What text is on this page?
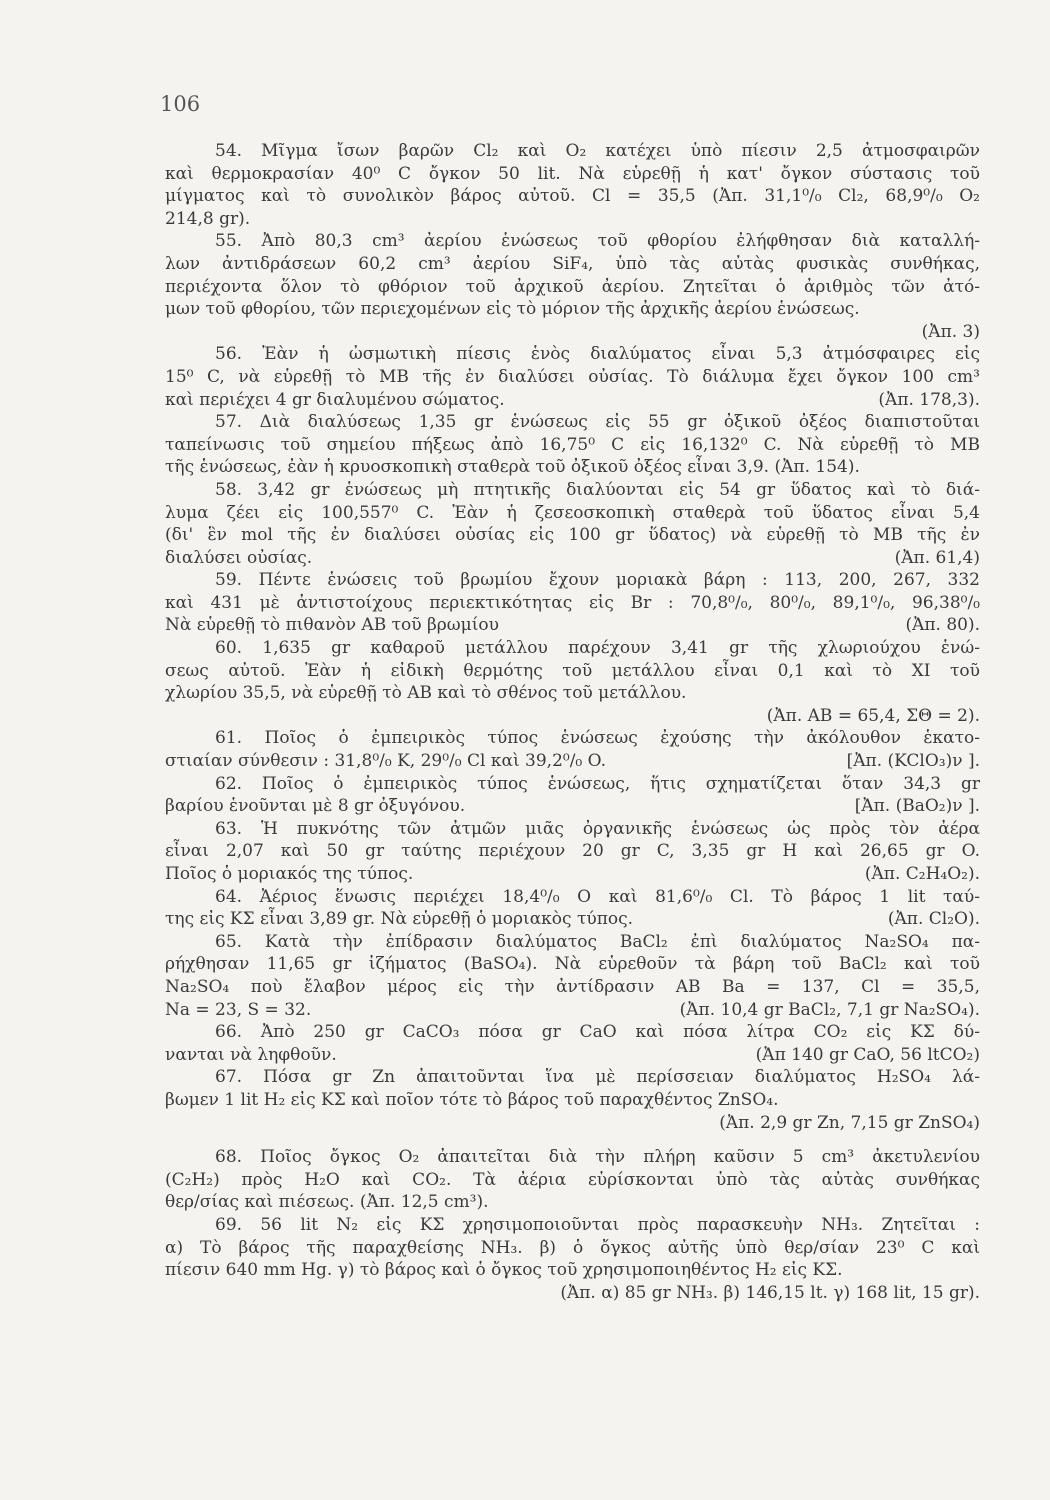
106
54. Μῖγμα ἴσων βαρῶν Cl₂ καὶ O₂ κατέχει ὑπὸ πίεσιν 2,5 ἀτμοσφαιρῶν
καὶ θερμοκρασίαν 40⁰ C ὄγκον 50 lit. Νὰ εὑρεθῇ ἡ κατ' ὄγκον σύστασις τοῦ
μίγματος καὶ τὸ συνολικὸν βάρος αὐτοῦ. Cl = 35,5 (Ἀπ. 31,1⁰/₀ Cl₂, 68,9⁰/₀ O₂
214,8 gr).
55. Ἀπὸ 80,3 cm³ ἀερίου ἑνώσεως τοῦ φθορίου ἐλήφθησαν διὰ καταλλή-
λων ἀντιδράσεων 60,2 cm³ ἀερίου SiF₄, ὑπὸ τὰς αὐτὰς φυσικὰς συνθήκας,
περιέχοντα ὅλον τὸ φθόριον τοῦ ἀρχικοῦ ἀερίου. Ζητεῖται ὁ ἀριθμὸς τῶν ἀτό-
μων τοῦ φθορίου, τῶν περιεχομένων εἰς τὸ μόριον τῆς ἀρχικῆς ἀερίου ἑνώσεως.
(Ἀπ. 3)
56. Ἐὰν ἡ ὠσμωτικὴ πίεσις ἑνὸς διαλύματος εἶναι 5,3 ἀτμόσφαιρες εἰς
15⁰ C, νὰ εὑρεθῇ τὸ ΜΒ τῆς ἐν διαλύσει οὐσίας. Τὸ διάλυμα ἔχει ὄγκον 100 cm³
καὶ περιέχει 4 gr διαλυμένου σώματος.	(Ἀπ. 178,3).
57. Διὰ διαλύσεως 1,35 gr ἑνώσεως εἰς 55 gr ὀξικοῦ ὀξέος διαπιστοῦται
ταπείνωσις τοῦ σημείου πήξεως ἀπὸ 16,75⁰ C εἰς 16,132⁰ C. Νὰ εὑρεθῇ τὸ ΜΒ
τῆς ἑνώσεως, ἐὰν ἡ κρυοσκοπικὴ σταθερὰ τοῦ ὀξικοῦ ὀξέος εἶναι 3,9. (Ἀπ. 154).
58. 3,42 gr ἑνώσεως μὴ πτητικῆς διαλύονται εἰς 54 gr ὕδατος καὶ τὸ διά-
λυμα ζέει εἰς 100,557⁰ C. Ἐὰν ἡ ζεσεοσκοπικὴ σταθερὰ τοῦ ὕδατος εἶναι 5,4
(δι' ἓν mol τῆς ἐν διαλύσει οὐσίας εἰς 100 gr ὕδατος) νὰ εὑρεθῇ τὸ ΜΒ τῆς ἐν
διαλύσει οὐσίας.	(Ἀπ. 61,4)
59. Πέντε ἑνώσεις τοῦ βρωμίου ἔχουν μοριακὰ βάρη : 113, 200, 267, 332
καὶ 431 μὲ ἀντιστοίχους περιεκτικότητας εἰς Br : 70,8⁰/₀, 80⁰/₀, 89,1⁰/₀, 96,38⁰/₀
Νὰ εὑρεθῇ τὸ πιθανὸν ΑΒ τοῦ βρωμίου	(Ἀπ. 80).
60. 1,635 gr καθαροῦ μετάλλου παρέχουν 3,41 gr τῆς χλωριούχου ἑνώ-
σεως αὐτοῦ. Ἐὰν ἡ εἰδικὴ θερμότης τοῦ μετάλλου εἶναι 0,1 καὶ τὸ ΧΙ τοῦ
χλωρίου 35,5, νὰ εὑρεθῇ τὸ ΑΒ καὶ τὸ σθένος τοῦ μετάλλου.
(Ἀπ. ΑΒ = 65,4, ΣΘ = 2).
61. Ποῖος ὁ ἐμπειρικὸς τύπος ἑνώσεως ἐχούσης τὴν ἀκόλουθον ἑκατο-
στιαίαν σύνθεσιν : 31,8⁰/₀ K, 29⁰/₀ Cl καὶ 39,2⁰/₀ O.	[Ἀπ. (KClO₃)ν ].
62. Ποῖος ὁ ἐμπειρικὸς τύπος ἑνώσεως, ἥτις σχηματίζεται ὅταν 34,3 gr
βαρίου ἑνοῦνται μὲ 8 gr ὀξυγόνου.	[Ἀπ. (BaO₂)ν ].
63. Ἡ πυκνότης τῶν ἀτμῶν μιᾶς ὀργανικῆς ἑνώσεως ὡς πρὸς τὸν ἀέρα
εἶναι 2,07 καὶ 50 gr ταύτης περιέχουν 20 gr C, 3,35 gr H καὶ 26,65 gr O.
Ποῖος ὁ μοριακός της τύπος.	(Ἀπ. C₂H₄O₂).
64. Ἀέριος ἕνωσις περιέχει 18,4⁰/₀ O καὶ 81,6⁰/₀ Cl. Τὸ βάρος 1 lit ταύ-
της εἰς ΚΣ εἶναι 3,89 gr. Νὰ εὑρεθῇ ὁ μοριακὸς τύπος.	(Ἀπ. Cl₂O).
65. Κατὰ τὴν ἐπίδρασιν διαλύματος BaCl₂ ἐπὶ διαλύματος Na₂SO₄ πα-
ρήχθησαν 11,65 gr ἰζήματος (BaSO₄). Νὰ εὑρεθοῦν τὰ βάρη τοῦ BaCl₂ καὶ τοῦ
Na₂SO₄ ποὺ ἔλαβον μέρος εἰς τὴν ἀντίδρασιν ΑΒ Ba = 137, Cl = 35,5,
Na = 23, S = 32.	(Ἀπ. 10,4 gr BaCl₂, 7,1 gr Na₂SO₄).
66. Ἀπὸ 250 gr CaCO₃ πόσα gr CaO καὶ πόσα λίτρα CO₂ εἰς ΚΣ δύ-
νανται νὰ ληφθοῦν.	(Ἀπ 140 gr CaO, 56 ltCO₂)
67. Πόσα gr Zn ἀπαιτοῦνται ἵνα μὲ περίσσειαν διαλύματος H₂SO₄ λά-
βωμεν 1 lit H₂ εἰς ΚΣ καὶ ποῖον τότε τὸ βάρος τοῦ παραχθέντος ZnSO₄.
(Ἀπ. 2,9 gr Zn, 7,15 gr ZnSO₄)
68. Ποῖος ὄγκος O₂ ἀπαιτεῖται διὰ τὴν πλήρη καῦσιν 5 cm³ ἀκετυλενίου
(C₂H₂) πρὸς H₂O καὶ CO₂. Τὰ ἀέρια εὑρίσκονται ὑπὸ τὰς αὐτὰς συνθήκας
θερ/σίας καὶ πιέσεως. (Ἀπ. 12,5 cm³).
69. 56 lit N₂ εἰς ΚΣ χρησιμοποιοῦνται πρὸς παρασκευὴν NH₃. Ζητεῖται :
α) Τὸ βάρος τῆς παραχθείσης NH₃. β) ὁ ὄγκος αὐτῆς ὑπὸ θερ/σίαν 23⁰ C καὶ
πίεσιν 640 mm Hg. γ) τὸ βάρος καὶ ὁ ὄγκος τοῦ χρησιμοποιηθέντος H₂ εἰς ΚΣ.
(Ἀπ. α) 85 gr NH₃. β) 146,15 lt. γ) 168 lit, 15 gr).
